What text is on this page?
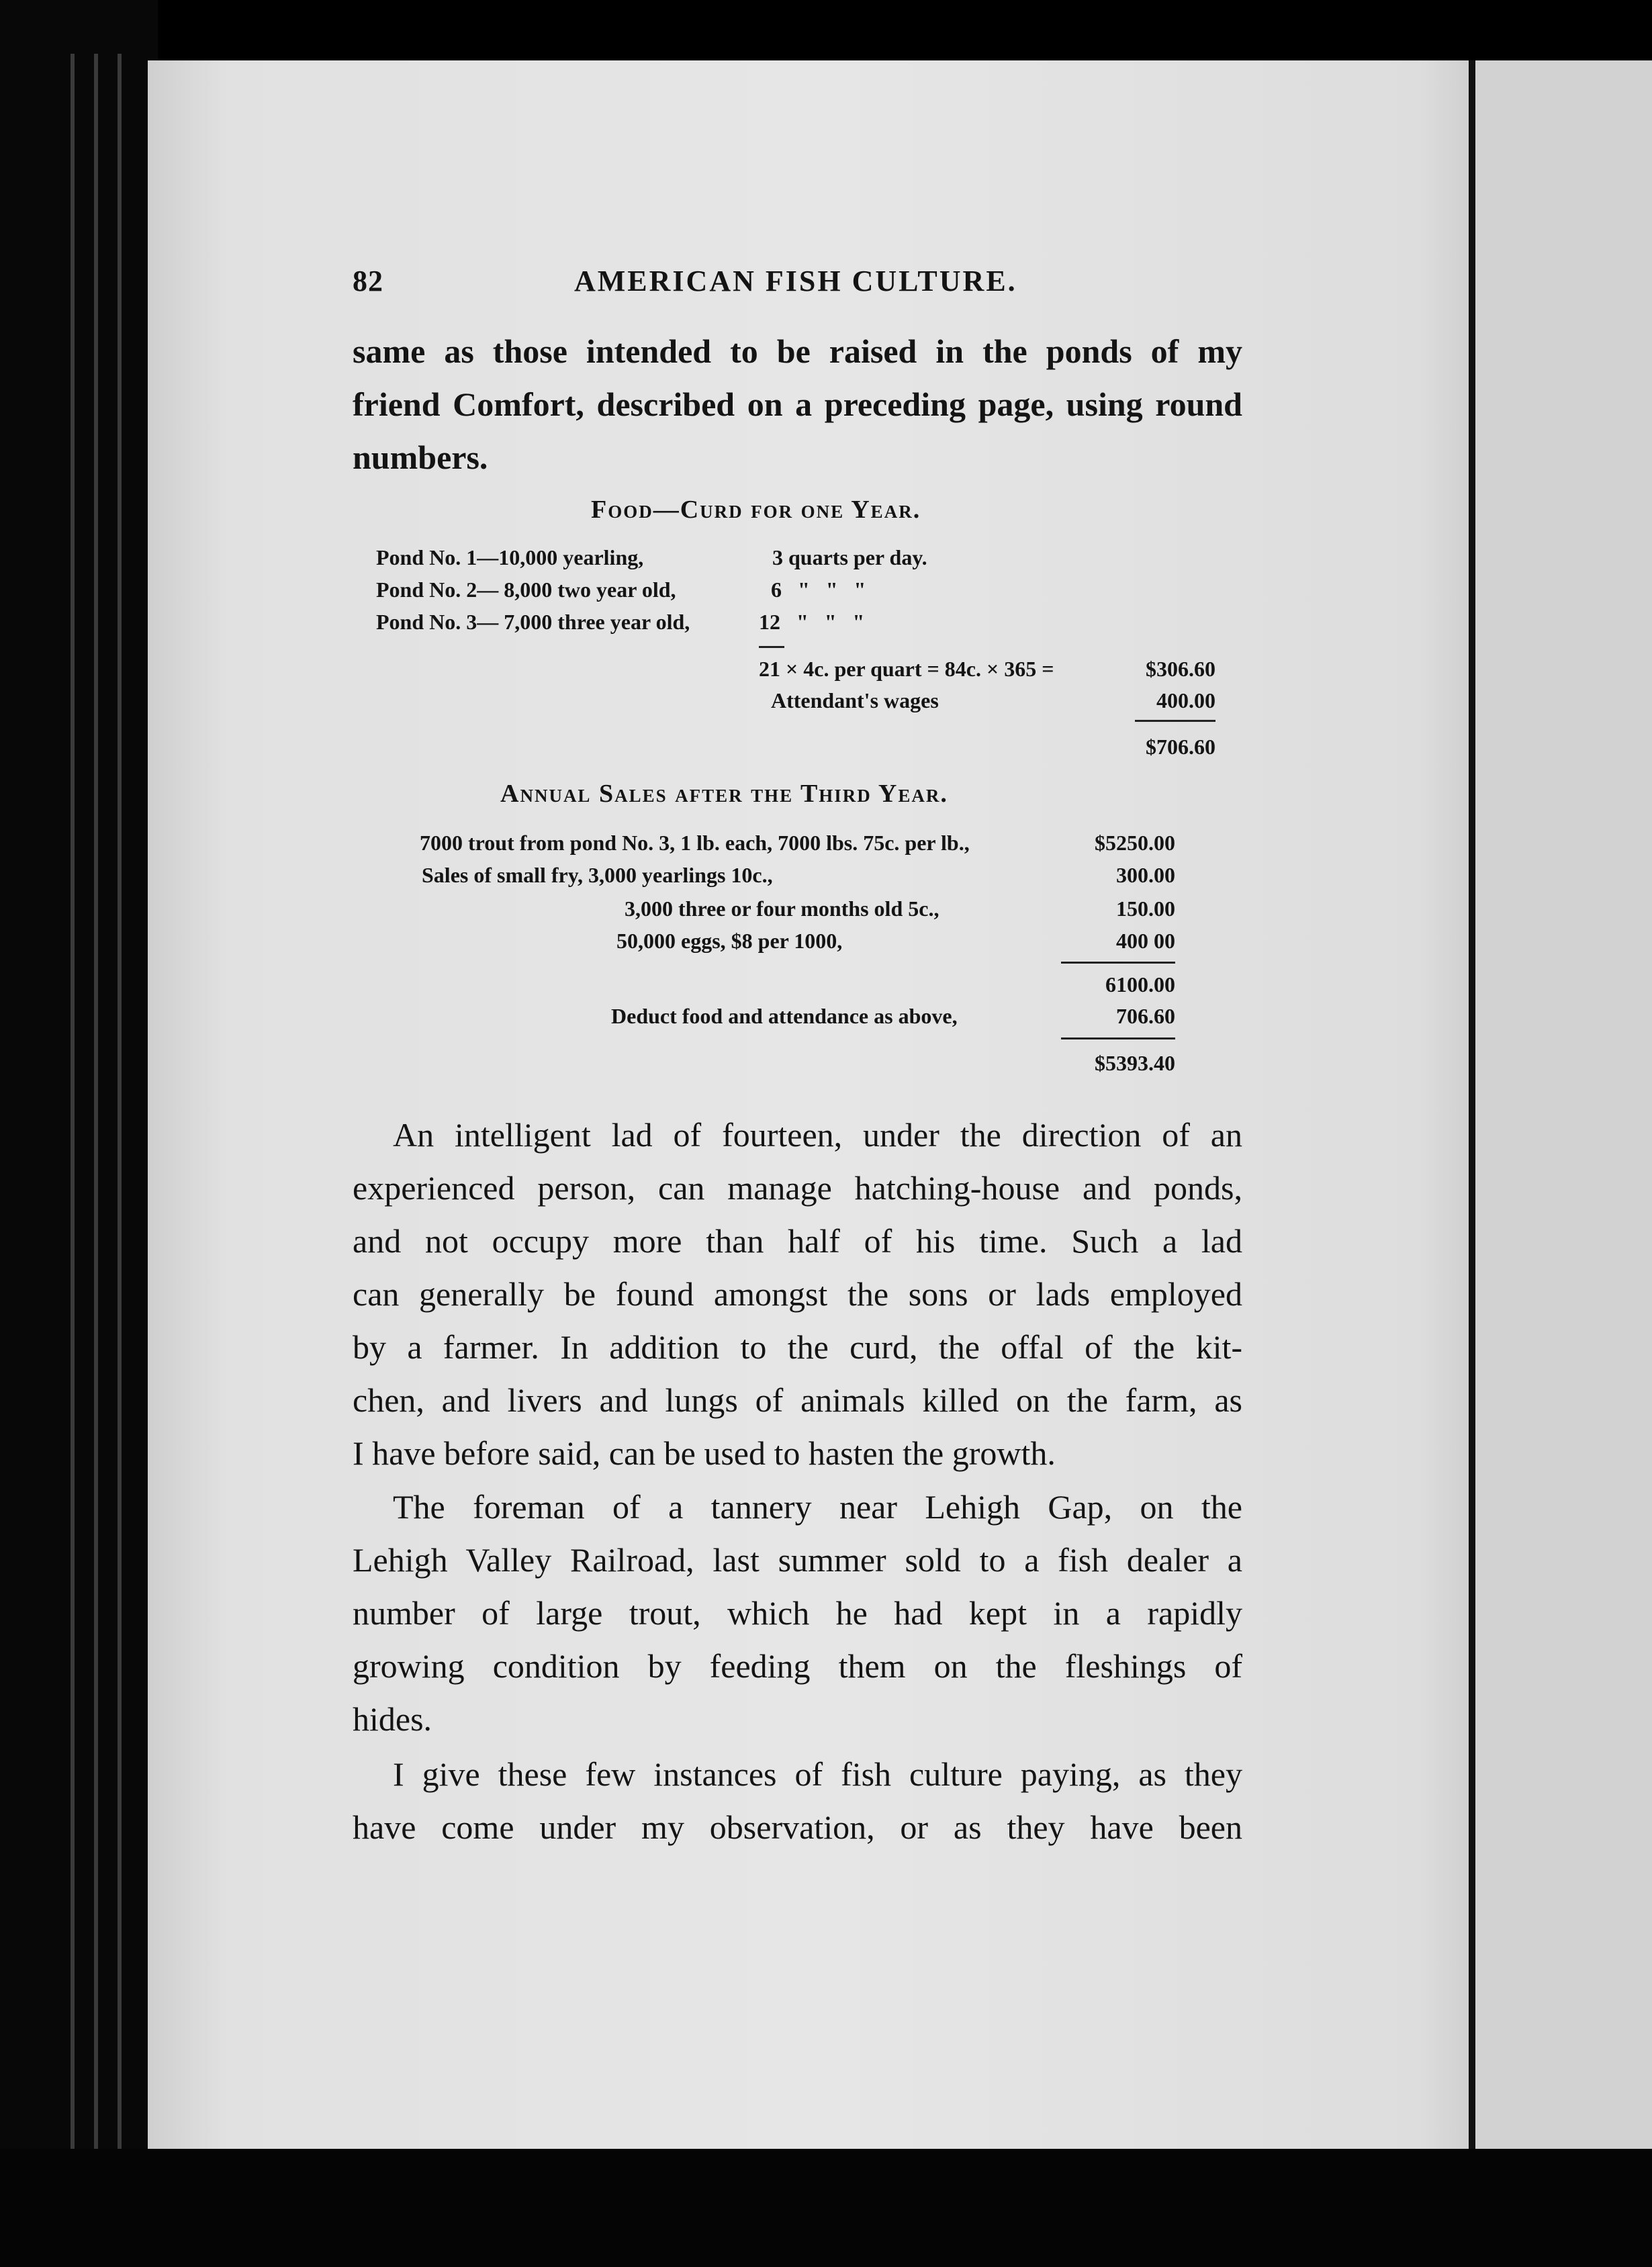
82	AMERICAN FISH CULTURE.
same as those intended to be raised in the ponds of my
friend Comfort, described on a preceding page, using round
numbers.
Food—Curd for one Year.
Pond No. 1—10,000 yearling,	3 quarts per day.
Pond No. 2— 8,000 two year old,	6   "   "   "
Pond No. 3— 7,000 three year old,	12   "   "   "
21 × 4c. per quart = 84c. × 365 =	$306.60
Attendant's wages	400.00
$706.60
Annual Sales after the Third Year.
7000 trout from pond No. 3, 1 lb. each, 7000 lbs. 75c. per lb.,	$5250.00
Sales of small fry, 3,000 yearlings 10c.,	300.00
3,000 three or four months old 5c.,	150.00
50,000 eggs, $8 per 1000,	400 00
6100.00
Deduct food and attendance as above,	706.60
$5393.40
An intelligent lad of fourteen, under the direction of an
experienced person, can manage hatching-house and ponds,
and not occupy more than half of his time. Such a lad
can generally be found amongst the sons or lads employed
by a farmer. In addition to the curd, the offal of the kit-
chen, and livers and lungs of animals killed on the farm, as
I have before said, can be used to hasten the growth.
The foreman of a tannery near Lehigh Gap, on the
Lehigh Valley Railroad, last summer sold to a fish dealer a
number of large trout, which he had kept in a rapidly
growing condition by feeding them on the fleshings of
hides.
I give these few instances of fish culture paying, as they
have come under my observation, or as they have been
